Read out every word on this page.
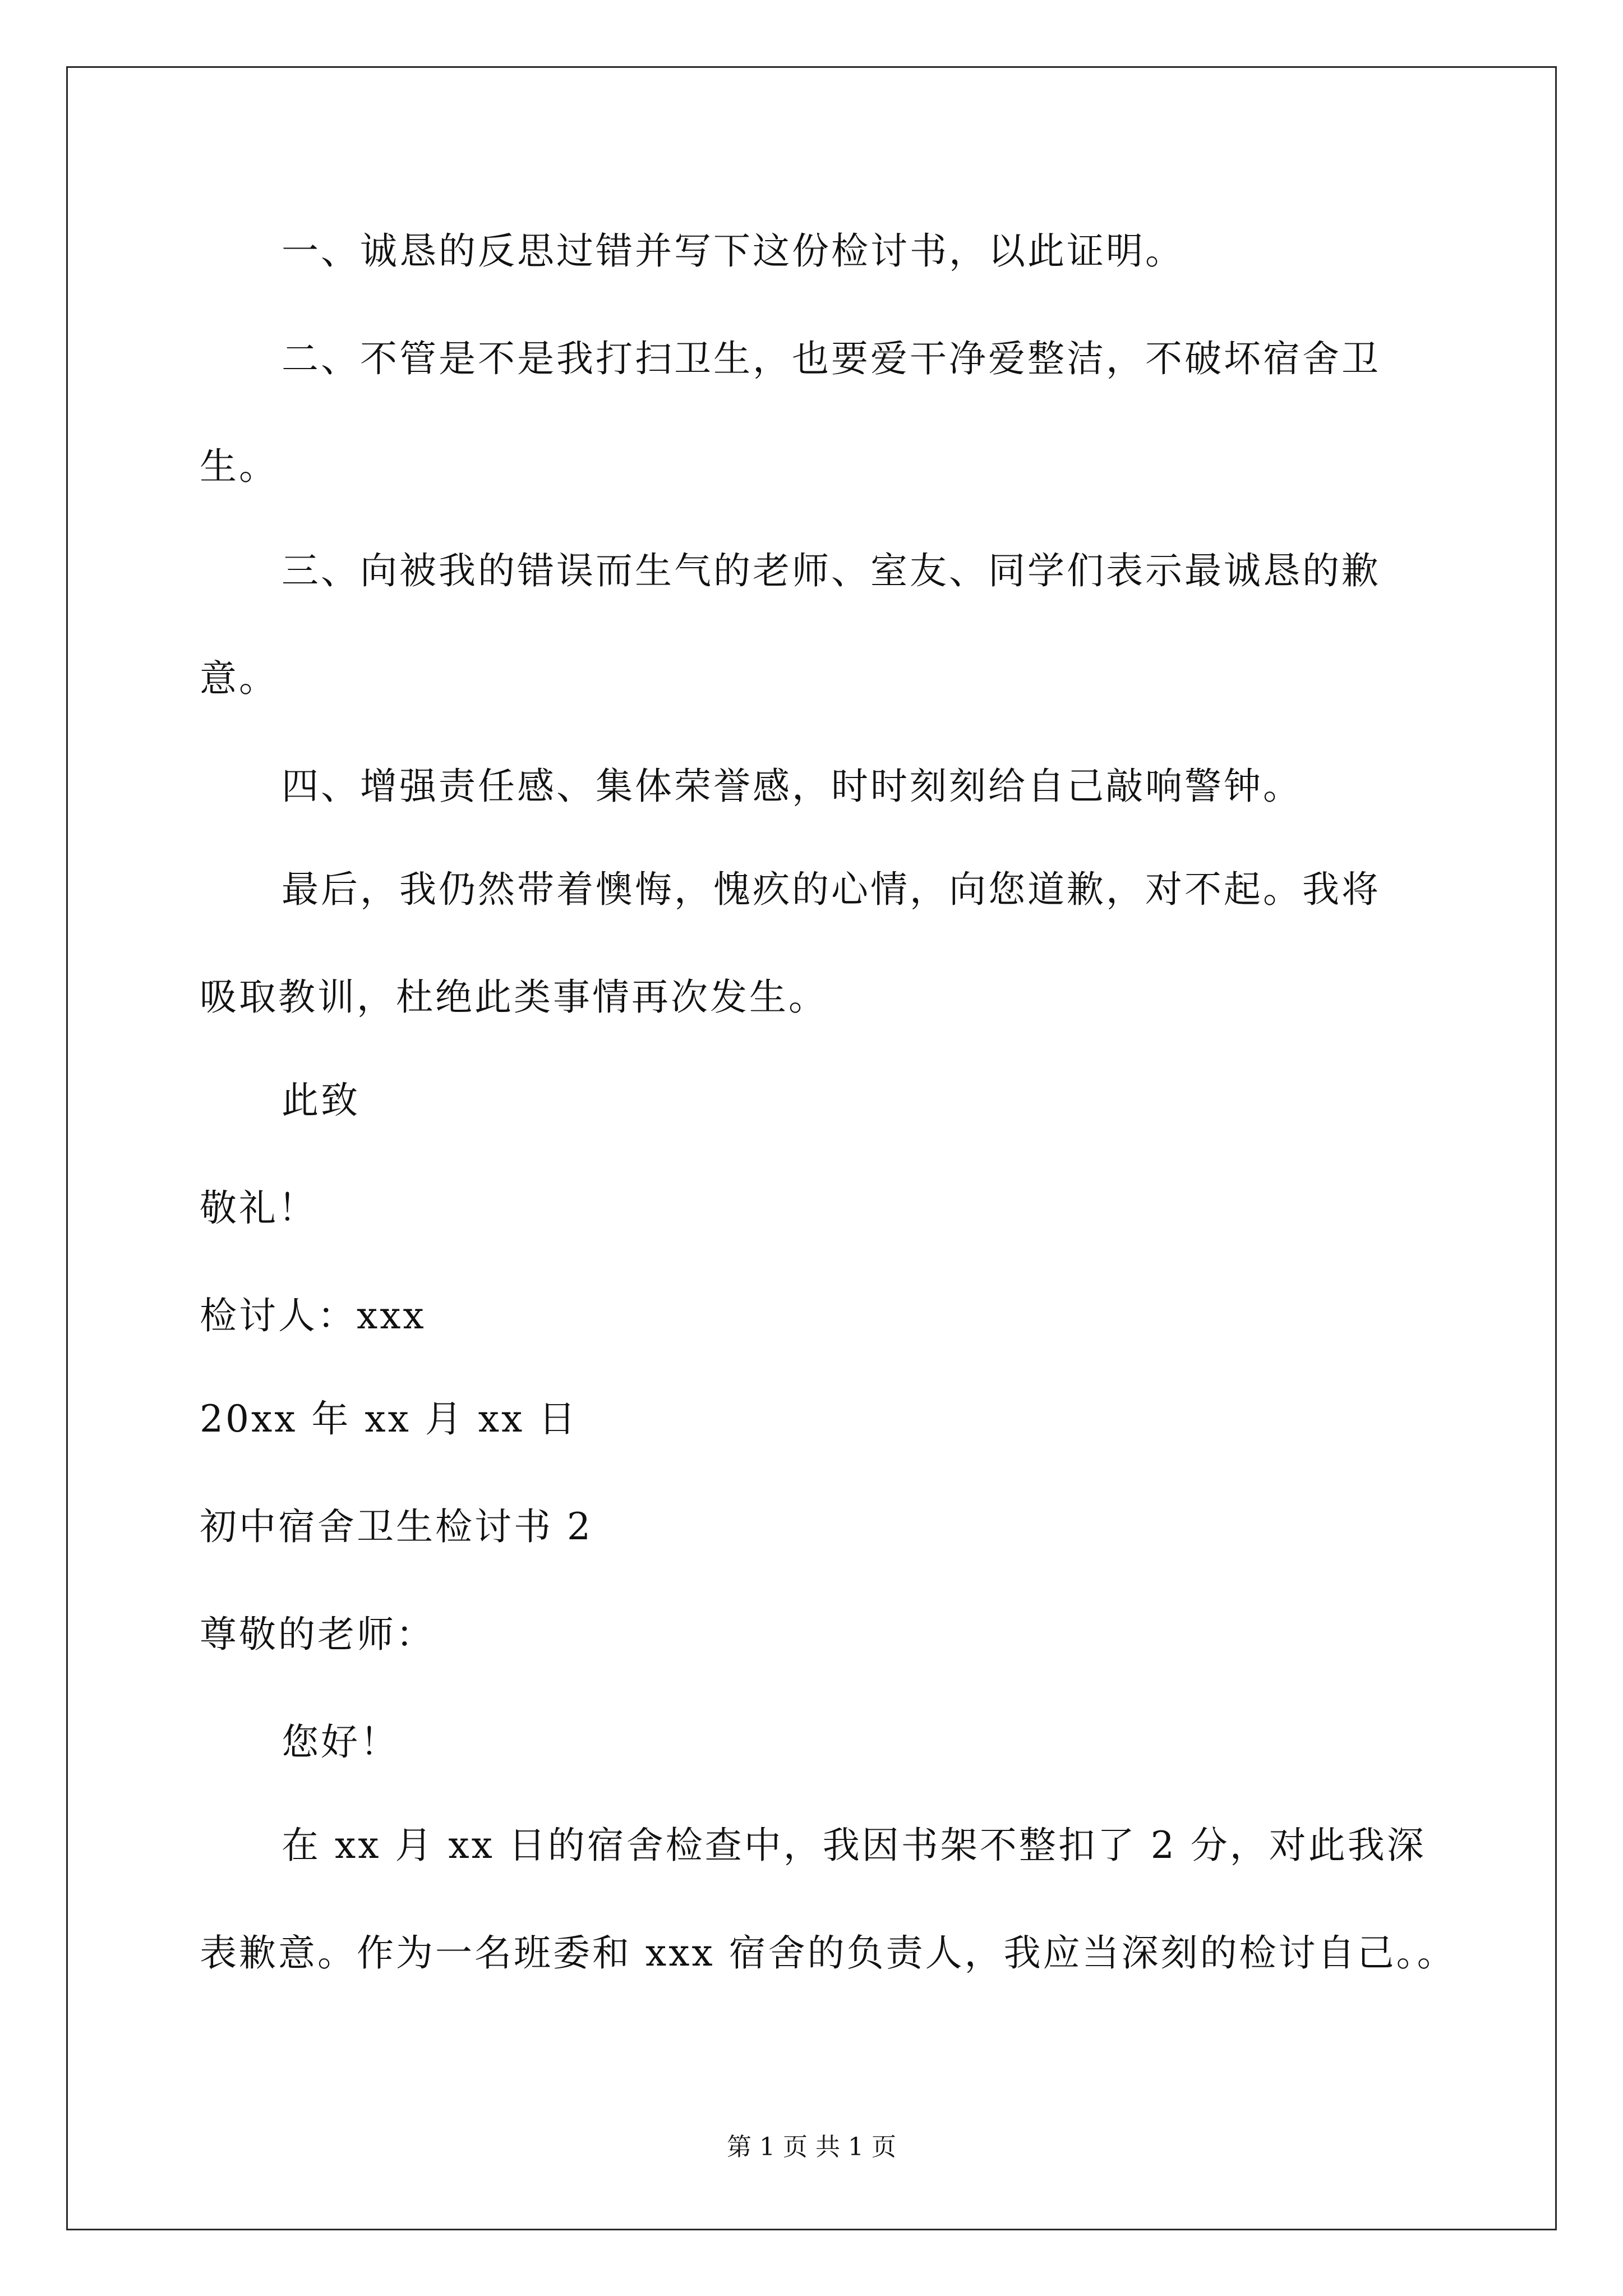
一、诚恳的反思过错并写下这份检讨书，以此证明。
二、不管是不是我打扫卫生，也要爱干净爱整洁，不破坏宿舍卫
生。
三、向被我的错误而生气的老师、室友、同学们表示最诚恳的歉
意。
四、增强责任感、集体荣誉感，时时刻刻给自己敲响警钟。
最后，我仍然带着懊悔，愧疚的心情，向您道歉，对不起。我将
吸取教训，杜绝此类事情再次发生。
此致
敬礼！
检讨人：xxx
20xx 年 xx 月 xx 日
初中宿舍卫生检讨书 2
尊敬的老师：
您好！
在 xx 月 xx 日的宿舍检查中，我因书架不整扣了 2 分，对此我深
表歉意。作为一名班委和 xxx 宿舍的负责人，我应当深刻的检讨自己。。
第 1 页 共 1 页
